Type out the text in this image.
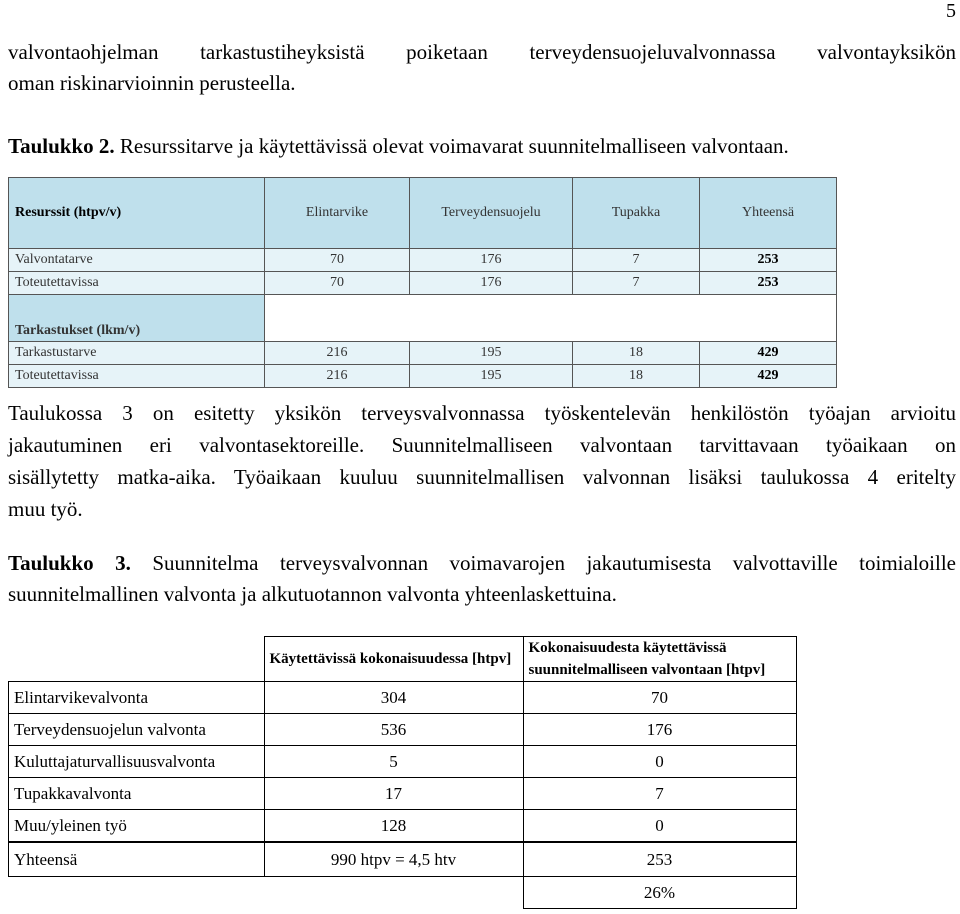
5
valvontaohjelman tarkastustiheyksistä poiketaan terveydensuojeluvalvonnassa valvontayksikön
oman riskinarvioinnin perusteella.
Taulukko 2. Resurssitarve ja käytettävissä olevat voimavarat suunnitelmalliseen valvontaan.
Resurssit (htpv/v)	Elintarvike	Terveydensuojelu	Tupakka	Yhteensä
Valvontatarve	70	176	7	253
Toteutettavissa	70	176	7	253
Tarkastukset (lkm/v)				
Tarkastustarve	216	195	18	429
Toteutettavissa	216	195	18	429
Taulukossa 3 on esitetty yksikön terveysvalvonnassa työskentelevän henkilöstön työajan arvioitu
jakautuminen eri valvontasektoreille. Suunnitelmalliseen valvontaan tarvittavaan työaikaan on
sisällytetty matka-aika. Työaikaan kuuluu suunnitelmallisen valvonnan lisäksi taulukossa 4 eritelty
muu työ.
Taulukko 3. Suunnitelma terveysvalvonnan voimavarojen jakautumisesta valvottaville toimialoille
suunnitelmallinen valvonta ja alkutuotannon valvonta yhteenlaskettuina.
	Käytettävissä kokonaisuudessa [htpv]	Kokonaisuudesta käytettävissä suunnitelmalliseen valvontaan [htpv]
Elintarvikevalvonta	304	70
Terveydensuojelun valvonta	536	176
Kuluttajaturvallisuusvalvonta	5	0
Tupakkavalvonta	17	7
Muu/yleinen työ	128	0
Yhteensä	990 htpv = 4,5 htv	253
		26%
